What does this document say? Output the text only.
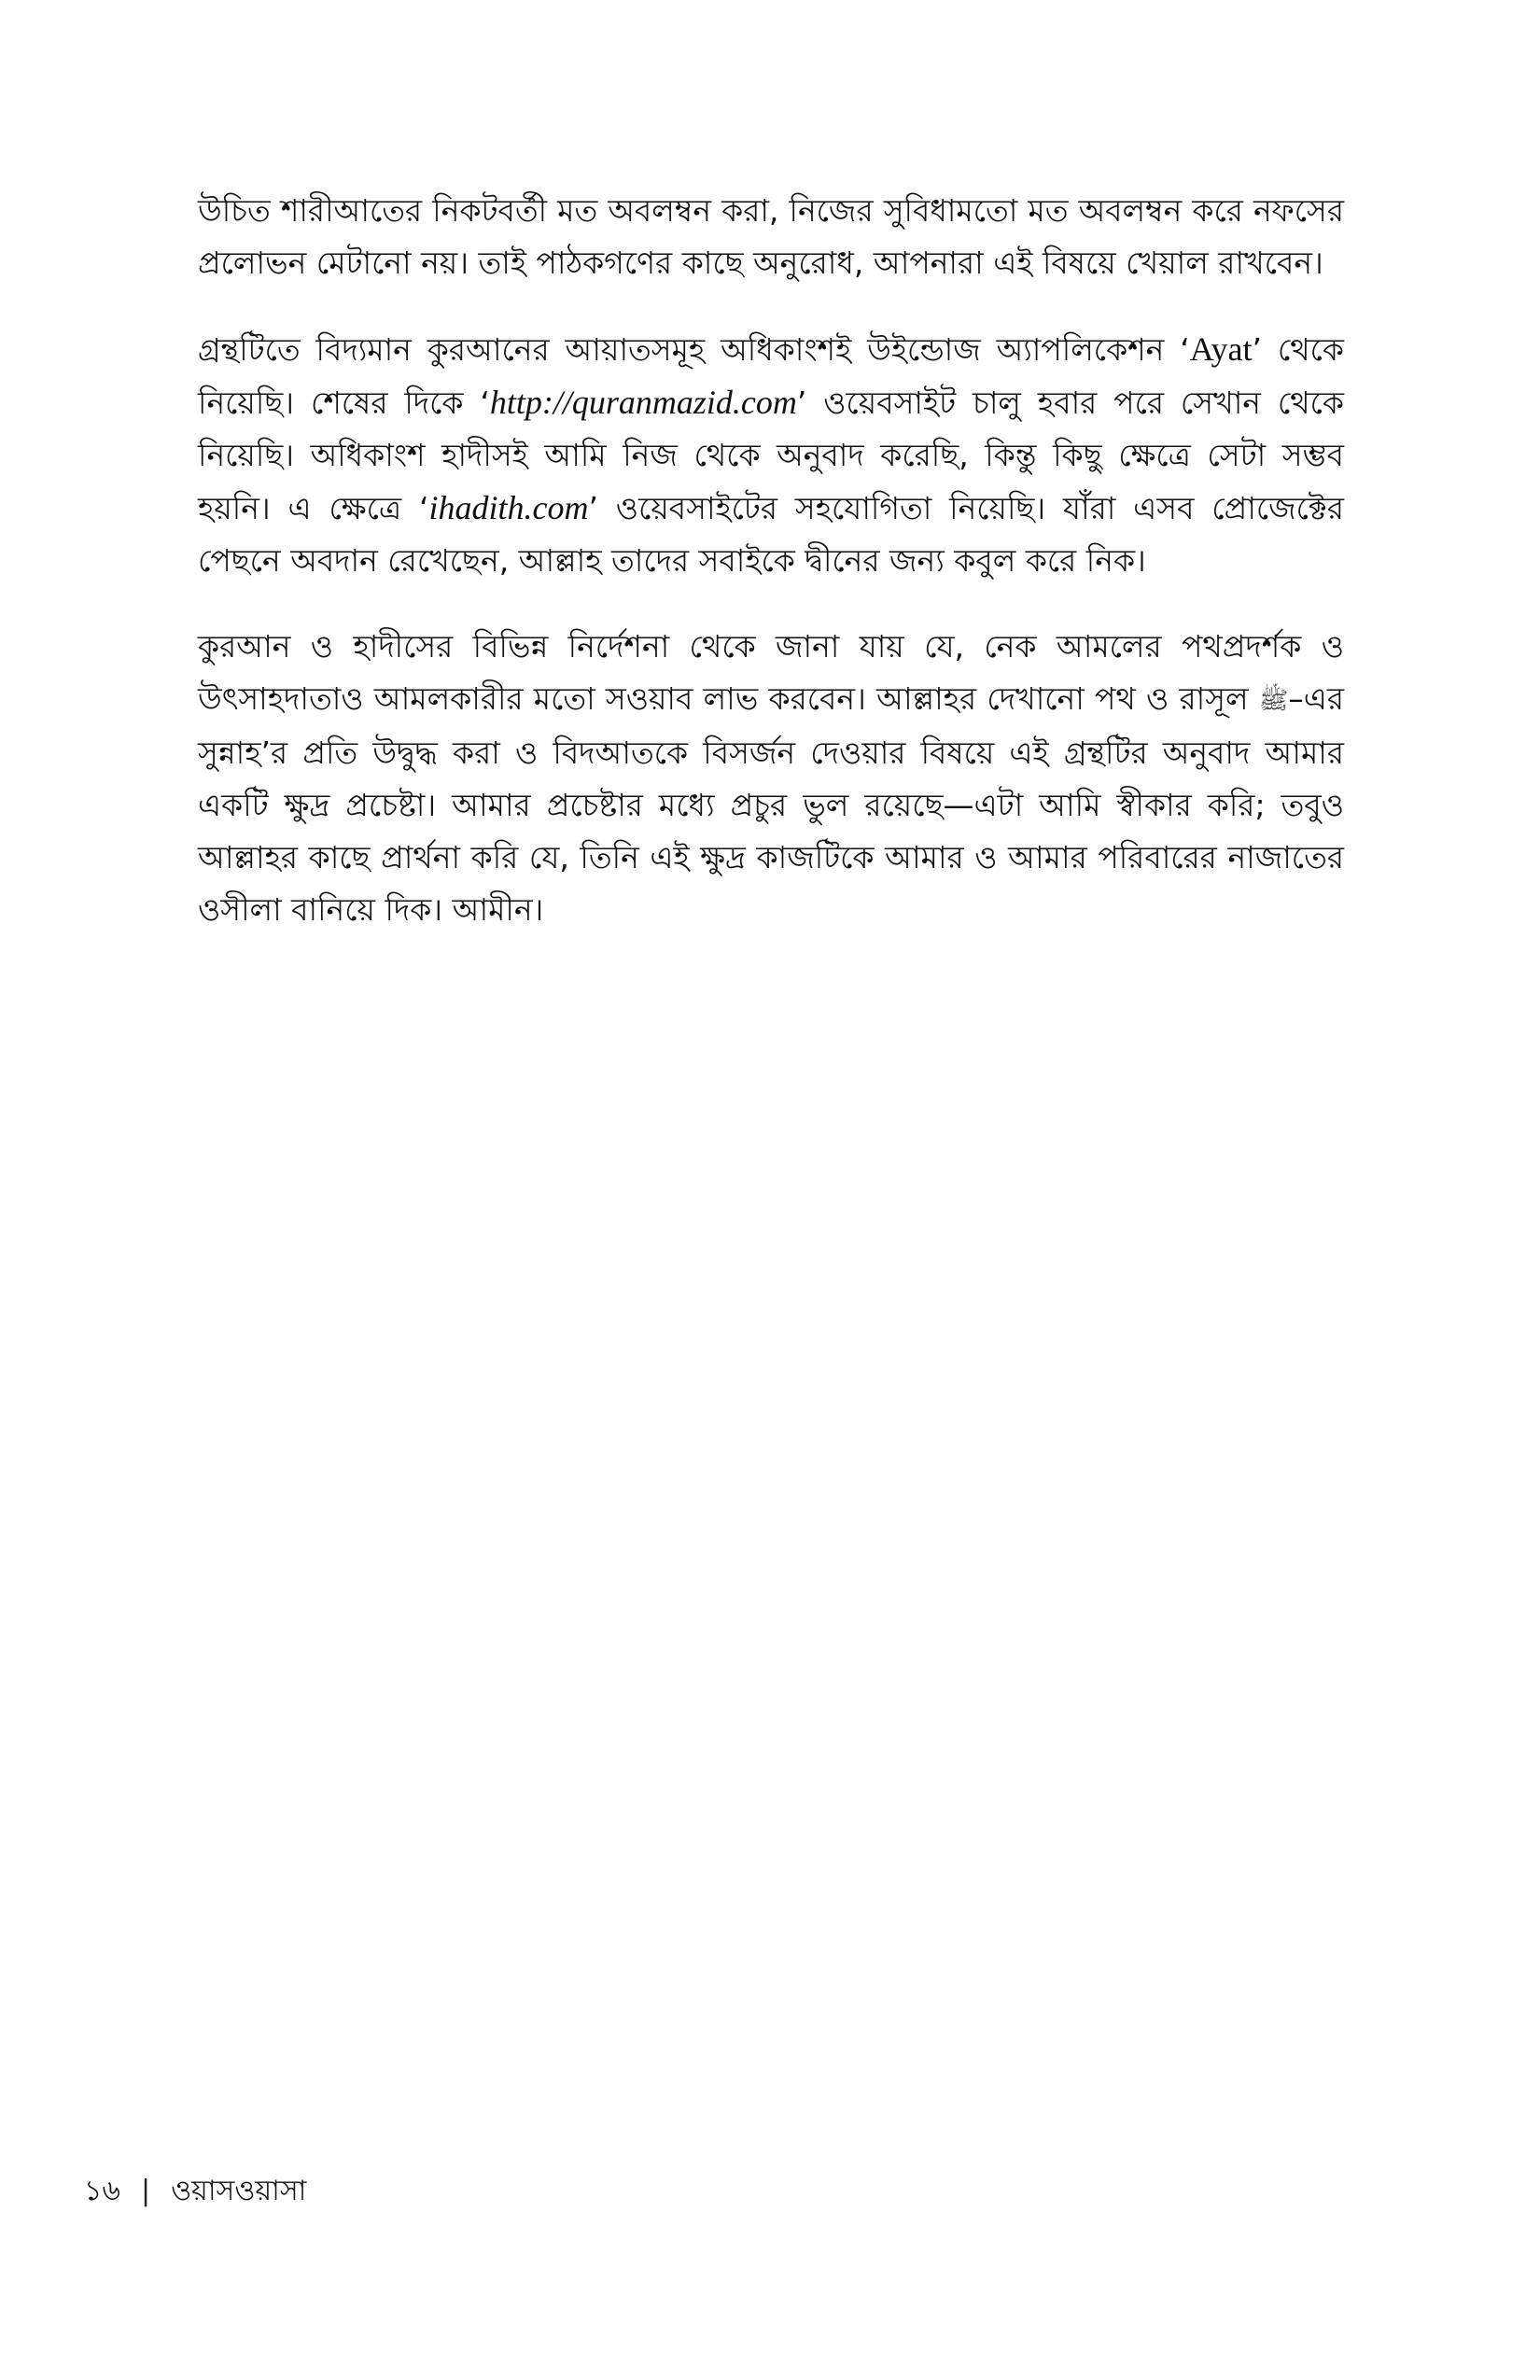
উচিত শারীআতের নিকটবর্তী মত অবলম্বন করা, নিজের সুবিধামতো মত অবলম্বন করে নফসের প্রলোভন মেটানো নয়। তাই পাঠকগণের কাছে অনুরোধ, আপনারা এই বিষয়ে খেয়াল রাখবেন।

গ্রন্থটিতে বিদ্যমান কুরআনের আয়াতসমূহ অধিকাংশই উইন্ডোজ অ্যাপলিকেশন ‘Ayat’ থেকে নিয়েছি। শেষের দিকে ‘http://quranmazid.com’ ওয়েবসাইট চালু হবার পরে সেখান থেকে নিয়েছি। অধিকাংশ হাদীসই আমি নিজ থেকে অনুবাদ করেছি, কিন্তু কিছু ক্ষেত্রে সেটা সম্ভব হয়নি। এ ক্ষেত্রে ‘ihadith.com’ ওয়েবসাইটের সহযোগিতা নিয়েছি। যাঁরা এসব প্রোজেক্টের পেছনে অবদান রেখেছেন, আল্লাহ তাদের সবাইকে দ্বীনের জন্য কবুল করে নিক।

কুরআন ও হাদীসের বিভিন্ন নির্দেশনা থেকে জানা যায় যে, নেক আমলের পথপ্রদর্শক ও উৎসাহদাতাও আমলকারীর মতো সওয়াব লাভ করবেন। আল্লাহর দেখানো পথ ও রাসূল ﷺ–এর সুন্নাহ’র প্রতি উদ্বুদ্ধ করা ও বিদআতকে বিসর্জন দেওয়ার বিষয়ে এই গ্রন্থটির অনুবাদ আমার একটি ক্ষুদ্র প্রচেষ্টা। আমার প্রচেষ্টার মধ্যে প্রচুর ভুল রয়েছে—এটা আমি স্বীকার করি; তবুও আল্লাহর কাছে প্রার্থনা করি যে, তিনি এই ক্ষুদ্র কাজটিকে আমার ও আমার পরিবারের নাজাতের ওসীলা বানিয়ে দিক। আমীন।

১৬ | ওয়াসওয়াসা
